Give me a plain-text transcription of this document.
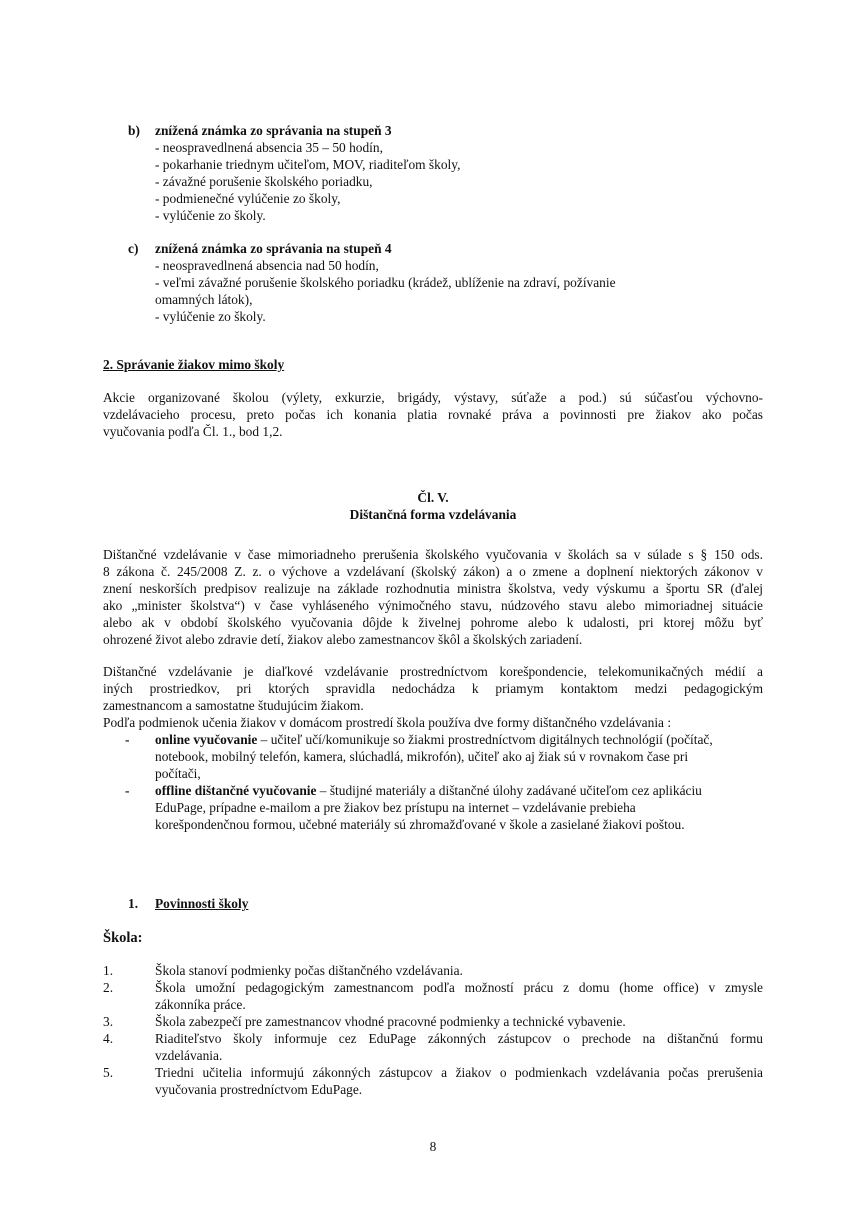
b) znížená známka zo správania na stupeň 3
- neospravedlnená absencia 35 – 50 hodín,
- pokarhanie triednym učiteľom, MOV, riaditeľom školy,
- závažné porušenie školského poriadku,
- podmienečné vylúčenie zo školy,
- vylúčenie zo školy.
c) znížená známka zo správania na stupeň 4
- neospravedlnená absencia nad 50 hodín,
- veľmi závažné porušenie školského poriadku (krádež, ublíženie na zdraví, požívanie
omamných látok),
- vylúčenie zo školy.
2. Správanie žiakov mimo školy
Akcie organizované školou (výlety, exkurzie, brigády, výstavy, súťaže a pod.) sú súčasťou výchovno-
vzdelávacieho procesu, preto počas ich konania platia rovnaké práva a povinnosti pre žiakov ako počas
vyučovania podľa Čl. 1., bod 1,2.
Čl. V.
Dištančná forma vzdelávania
Dištančné vzdelávanie v čase mimoriadneho prerušenia školského vyučovania v školách sa v súlade s § 150 ods.
8 zákona č. 245/2008 Z. z. o výchove a vzdelávaní (školský zákon) a o zmene a doplnení niektorých zákonov v
znení neskorších predpisov realizuje na základe rozhodnutia ministra školstva, vedy výskumu a športu SR (ďalej
ako „minister školstva“) v čase vyhláseného výnimočného stavu, núdzového stavu alebo mimoriadnej situácie
alebo ak v období školského vyučovania dôjde k živelnej pohrome alebo k udalosti, pri ktorej môžu byť
ohrozené život alebo zdravie detí, žiakov alebo zamestnancov škôl a školských zariadení.
Dištančné vzdelávanie je diaľkové vzdelávanie prostredníctvom korešpondencie, telekomunikačných médií a
iných prostriedkov, pri ktorých spravidla nedochádza k priamym kontaktom medzi pedagogickým
zamestnancom a samostatne študujúcim žiakom.
Podľa podmienok učenia žiakov v domácom prostredí škola používa dve formy dištančného vzdelávania :
- online vyučovanie – učiteľ učí/komunikuje so žiakmi prostredníctvom digitálnych technológií (počítač,
notebook, mobilný telefón, kamera, slúchadlá, mikrofón), učiteľ ako aj žiak sú v rovnakom čase pri
počítači,
- offline dištančné vyučovanie – študijné materiály a dištančné úlohy zadávané učiteľom cez aplikáciu
EduPage, prípadne e-mailom a pre žiakov bez prístupu na internet – vzdelávanie prebieha
korešpondenčnou formou, učebné materiály sú zhromažďované v škole a zasielané žiakovi poštou.
1. Povinnosti školy
Škola:
1.	Škola stanoví podmienky počas dištančného vzdelávania.
2.	Škola umožní pedagogickým zamestnancom podľa možností prácu z domu (home office) v zmysle
zákonníka práce.
3.	Škola zabezpečí pre zamestnancov vhodné pracovné podmienky a technické vybavenie.
4.	Riaditeľstvo školy informuje cez EduPage zákonných zástupcov o prechode na dištančnú formu
vzdelávania.
5.	Triedni učitelia informujú zákonných zástupcov a žiakov o podmienkach vzdelávania počas prerušenia
vyučovania prostredníctvom EduPage.
8
